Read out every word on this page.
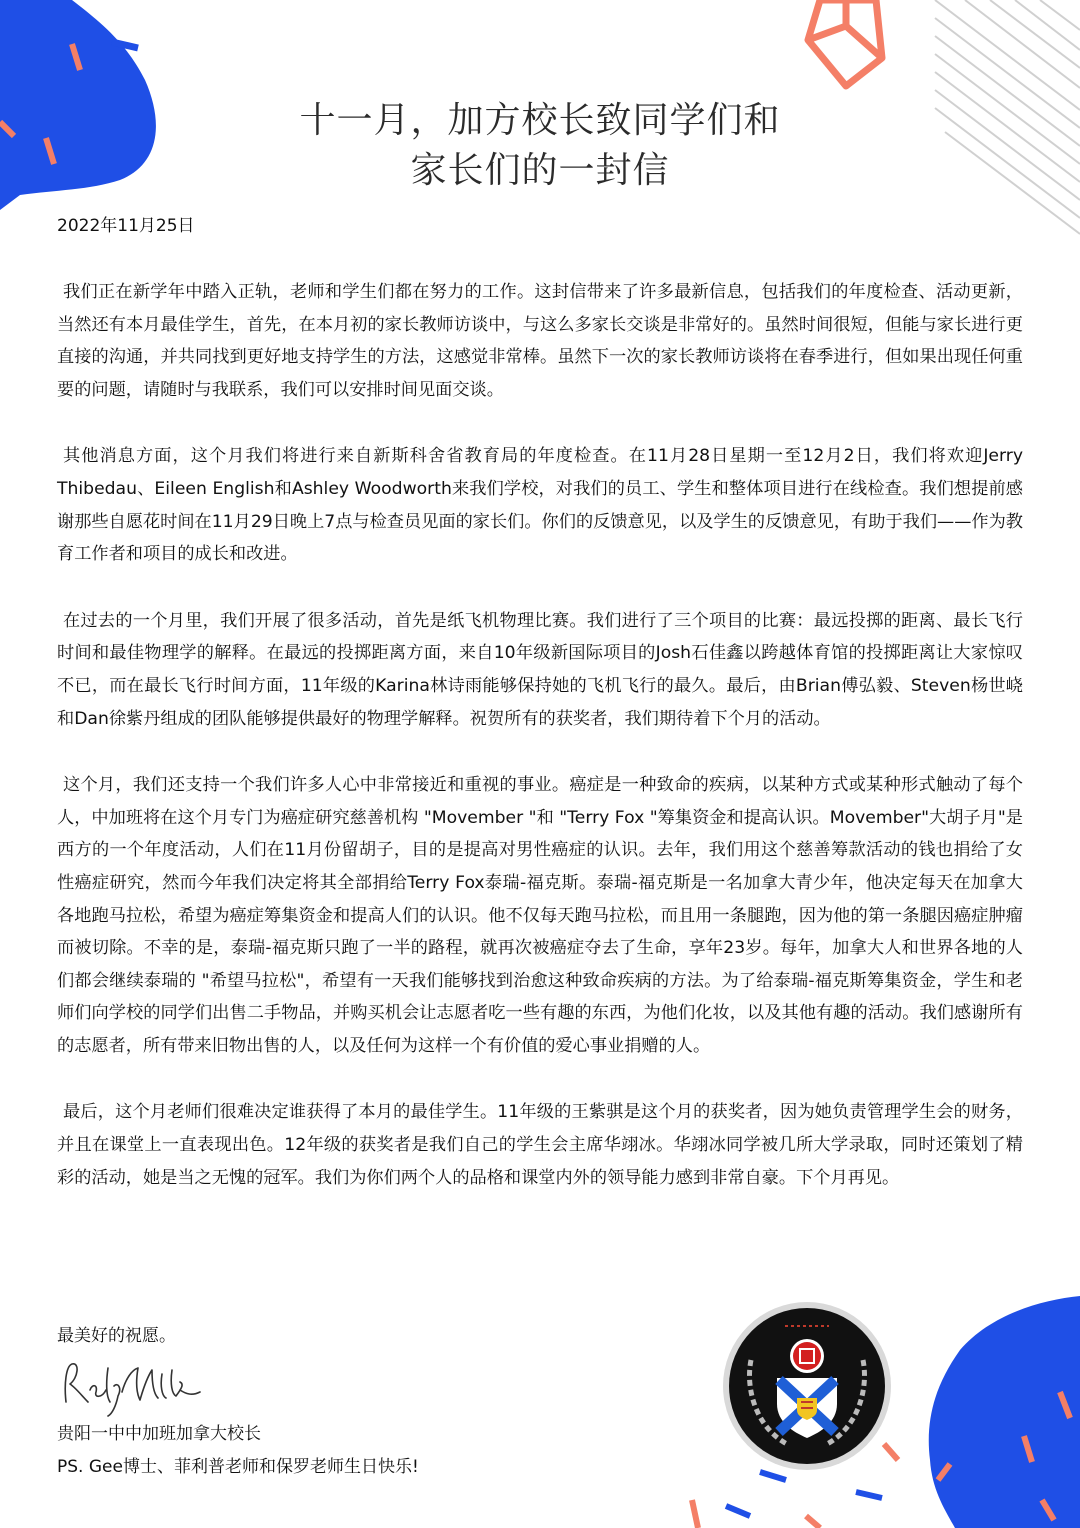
十一月，加方校长致同学们和
家长们的一封信
2022年11月25日

我们正在新学年中踏入正轨，老师和学生们都在努力的工作。这封信带来了许多最新信息，包括我们的年度检查、活动更新，当然还有本月最佳学生，首先，在本月初的家长教师访谈中，与这么多家长交谈是非常好的。虽然时间很短，但能与家长进行更直接的沟通，并共同找到更好地支持学生的方法，这感觉非常棒。虽然下一次的家长教师访谈将在春季进行，但如果出现任何重要的问题，请随时与我联系，我们可以安排时间见面交谈。

其他消息方面，这个月我们将进行来自新斯科舍省教育局的年度检查。在11月28日星期一至12月2日，我们将欢迎Jerry Thibedau、Eileen English和Ashley Woodworth来我们学校，对我们的员工、学生和整体项目进行在线检查。我们想提前感谢那些自愿花时间在11月29日晚上7点与检查员见面的家长们。你们的反馈意见，以及学生的反馈意见，有助于我们——作为教育工作者和项目的成长和改进。

在过去的一个月里，我们开展了很多活动，首先是纸飞机物理比赛。我们进行了三个项目的比赛：最远投掷的距离、最长飞行时间和最佳物理学的解释。在最远的投掷距离方面，来自10年级新国际项目的Josh石佳鑫以跨越体育馆的投掷距离让大家惊叹不已，而在最长飞行时间方面，11年级的Karina林诗雨能够保持她的飞机飞行的最久。最后，由Brian傅弘毅、Steven杨世峣和Dan徐紫丹组成的团队能够提供最好的物理学解释。祝贺所有的获奖者，我们期待着下个月的活动。

这个月，我们还支持一个我们许多人心中非常接近和重视的事业。癌症是一种致命的疾病，以某种方式或某种形式触动了每个人，中加班将在这个月专门为癌症研究慈善机构 "Movember "和 "Terry Fox "筹集资金和提高认识。Movember"大胡子月"是西方的一个年度活动，人们在11月份留胡子，目的是提高对男性癌症的认识。去年，我们用这个慈善筹款活动的钱也捐给了女性癌症研究，然而今年我们决定将其全部捐给Terry Fox泰瑞-福克斯。泰瑞-福克斯是一名加拿大青少年，他决定每天在加拿大各地跑马拉松，希望为癌症筹集资金和提高人们的认识。他不仅每天跑马拉松，而且用一条腿跑，因为他的第一条腿因癌症肿瘤而被切除。不幸的是，泰瑞-福克斯只跑了一半的路程，就再次被癌症夺去了生命，享年23岁。每年，加拿大人和世界各地的人们都会继续泰瑞的 "希望马拉松"，希望有一天我们能够找到治愈这种致命疾病的方法。为了给泰瑞-福克斯筹集资金，学生和老师们向学校的同学们出售二手物品，并购买机会让志愿者吃一些有趣的东西，为他们化妆，以及其他有趣的活动。我们感谢所有的志愿者，所有带来旧物出售的人，以及任何为这样一个有价值的爱心事业捐赠的人。

最后，这个月老师们很难决定谁获得了本月的最佳学生。11年级的王紫骐是这个月的获奖者，因为她负责管理学生会的财务，并且在课堂上一直表现出色。12年级的获奖者是我们自己的学生会主席华翊冰。华翊冰同学被几所大学录取，同时还策划了精彩的活动，她是当之无愧的冠军。我们为你们两个人的品格和课堂内外的领导能力感到非常自豪。下个月再见。

最美好的祝愿。
贵阳一中中加班加拿大校长
PS. Gee博士、菲利普老师和保罗老师生日快乐!
